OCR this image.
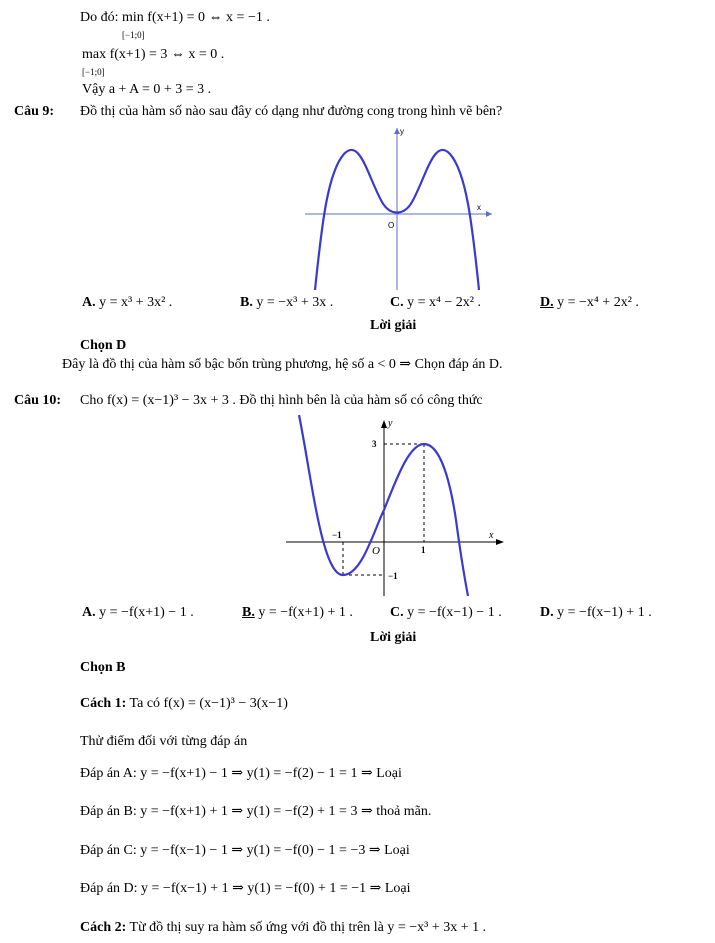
Do đó: min f(x+1) = 0 ⇔ x = −1 .
[−1;0]
max f(x+1) = 3 ⇔ x = 0 .
[−1;0]
Vậy a + A = 0 + 3 = 3 .
Câu 9: Đồ thị của hàm số nào sau đây có dạng như đường cong trong hình vẽ bên?
y
x
O
A. y = x³ + 3x² .	B. y = −x³ + 3x .	C. y = x⁴ − 2x² .	D. y = −x⁴ + 2x² .
Lời giải
Chọn D
Đây là đồ thị của hàm số bậc bốn trùng phương, hệ số a < 0 ⇒ Chọn đáp án D.
Câu 10: Cho f(x) = (x−1)³ − 3x + 3 . Đồ thị hình bên là của hàm số có công thức
y
x
O
3
−1
1
−1
A. y = −f(x+1) − 1 .	B. y = −f(x+1) + 1 .	C. y = −f(x−1) − 1 .	D. y = −f(x−1) + 1 .
Lời giải
Chọn B
Cách 1: Ta có f(x) = (x−1)³ − 3(x−1)
Thử điểm đối với từng đáp án
Đáp án A: y = −f(x+1) − 1 ⇒ y(1) = −f(2) − 1 = 1 ⇒ Loại
Đáp án B: y = −f(x+1) + 1 ⇒ y(1) = −f(2) + 1 = 3 ⇒ thoả mãn.
Đáp án C: y = −f(x−1) − 1 ⇒ y(1) = −f(0) − 1 = −3 ⇒ Loại
Đáp án D: y = −f(x−1) + 1 ⇒ y(1) = −f(0) + 1 = −1 ⇒ Loại
Cách 2: Từ đồ thị suy ra hàm số ứng với đồ thị trên là y = −x³ + 3x + 1 .
